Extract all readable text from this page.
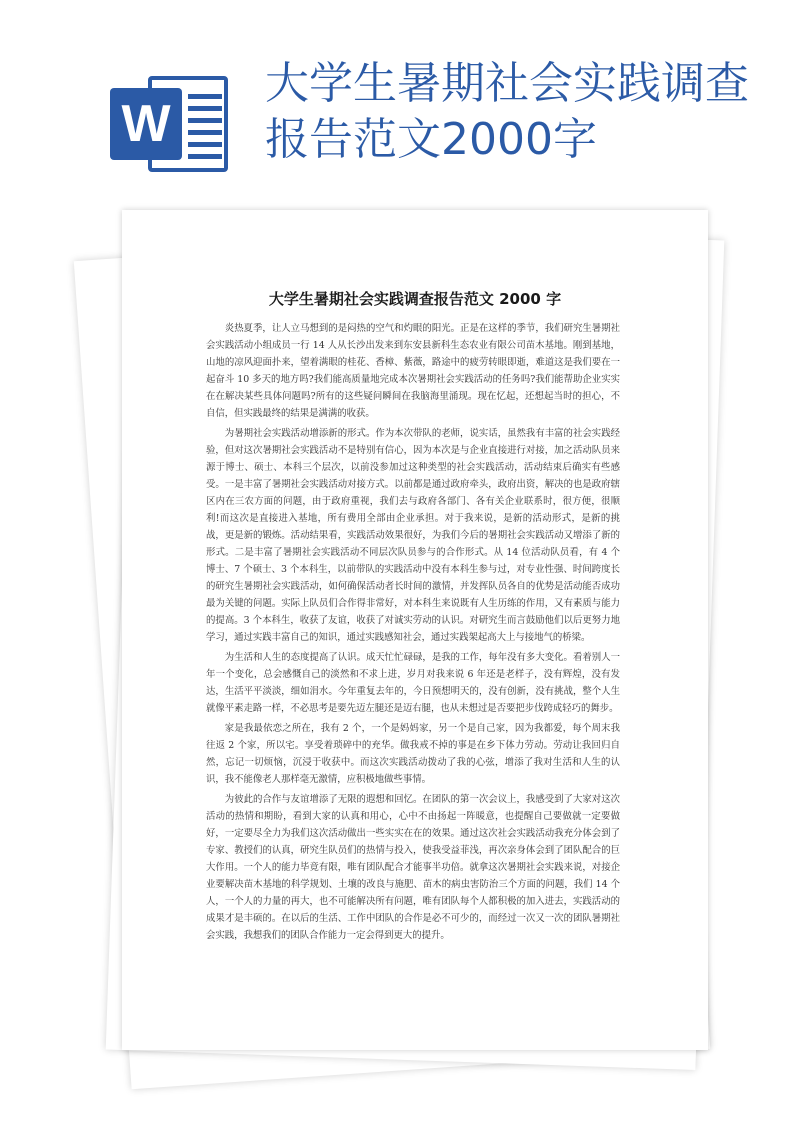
W
大学生暑期社会实践调查报告范文2000字
大学生暑期社会实践调查报告范文 2000 字

炎热夏季，让人立马想到的是闷热的空气和灼眼的阳光。正是在这样的季节，我们研究生暑期社会实践活动小组成员一行 14 人从长沙出发来到东安县新科生态农业有限公司苗木基地。刚到基地，山地的凉风迎面扑来，望着满眼的桂花、香樟、紫薇，路途中的疲劳转眼即逝，难道这是我们要在一起奋斗 10 多天的地方吗?我们能高质量地完成本次暑期社会实践活动的任务吗?我们能帮助企业实实在在解决某些具体问题吗?所有的这些疑问瞬间在我脑海里涌现。现在忆起，还想起当时的担心，不自信，但实践最终的结果是满满的收获。

为暑期社会实践活动增添新的形式。作为本次带队的老师，说实话，虽然我有丰富的社会实践经验，但对这次暑期社会实践活动不是特别有信心，因为本次是与企业直接进行对接，加之活动队员来源于博士、硕士、本科三个层次，以前没参加过这种类型的社会实践活动，活动结束后确实有些感受。一是丰富了暑期社会实践活动对接方式。以前都是通过政府牵头，政府出资，解决的也是政府辖区内在三农方面的问题，由于政府重视，我们去与政府各部门、各有关企业联系时，很方便，很顺利!而这次是直接进入基地，所有费用全部由企业承担。对于我来说，是新的活动形式，是新的挑战，更是新的锻炼。活动结果看，实践活动效果很好，为我们今后的暑期社会实践活动又增添了新的形式。二是丰富了暑期社会实践活动不同层次队员参与的合作形式。从 14 位活动队员看，有 4 个博士、7 个硕士、3 个本科生，以前带队的实践活动中没有本科生参与过，对专业性强、时间跨度长的研究生暑期社会实践活动，如何确保活动者长时间的激情，并发挥队员各自的优势是活动能否成功最为关键的问题。实际上队员们合作得非常好，对本科生来说既有人生历练的作用，又有素质与能力的提高。3 个本科生，收获了友谊，收获了对诚实劳动的认识。对研究生而言鼓励他们以后更努力地学习，通过实践丰富自己的知识，通过实践感知社会，通过实践架起高大上与接地气的桥梁。

为生活和人生的态度提高了认识。成天忙忙碌碌，是我的工作，每年没有多大变化。看着别人一年一个变化，总会感慨自己的淡然和不求上进，岁月对我来说 6 年还是老样子，没有辉煌，没有发达，生活平平淡淡，细如涓水。今年重复去年的，今日预想明天的，没有创新，没有挑战，整个人生就像平素走路一样，不必思考是要先迈左腿还是迈右腿，也从未想过是否要把步伐跨成轻巧的舞步。

家是我最依恋之所在，我有 2 个，一个是妈妈家，另一个是自己家，因为我都爱，每个周末我往返 2 个家，所以宅。享受着琐碎中的充华。做我戒不掉的事是在乡下体力劳动。劳动让我回归自然，忘记一切烦恼，沉浸于收获中。而这次实践活动拨动了我的心弦，增添了我对生活和人生的认识，我不能像老人那样毫无激情，应积极地做些事情。

为彼此的合作与友谊增添了无限的遐想和回忆。在团队的第一次会议上，我感受到了大家对这次活动的热情和期盼，看到大家的认真和用心，心中不由扬起一阵暖意，也提醒自己要做就一定要做好，一定要尽全力为我们这次活动做出一些实实在在的效果。通过这次社会实践活动我充分体会到了专家、教授们的认真，研究生队员们的热情与投入，使我受益菲浅，再次亲身体会到了团队配合的巨大作用。一个人的能力毕竟有限，唯有团队配合才能事半功倍。就拿这次暑期社会实践来说，对接企业要解决苗木基地的科学规划、土壤的改良与施肥、苗木的病虫害防治三个方面的问题，我们 14 个人，一个人的力量的再大，也不可能解决所有问题，唯有团队每个人都积极的加入进去，实践活动的成果才是丰硕的。在以后的生活、工作中团队的合作是必不可少的，而经过一次又一次的团队暑期社会实践，我想我们的团队合作能力一定会得到更大的提升。
